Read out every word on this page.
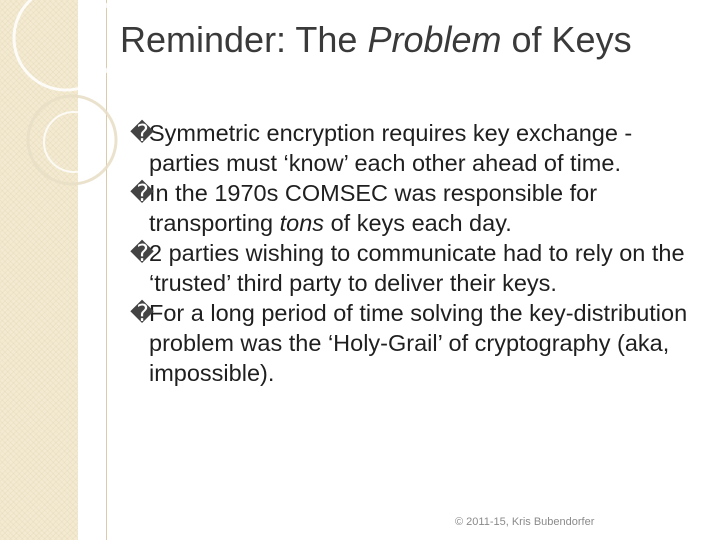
Reminder: The Problem of Keys
�
Symmetric encryption requires key exchange - parties must ‘know’ each other ahead of time.
�
In the 1970s COMSEC was responsible for transporting tons of keys each day.
�
2 parties wishing to communicate had to rely on the ‘trusted’ third party to deliver their keys.
�
For a long period of time solving the key-distribution problem was the ‘Holy-Grail’ of cryptography (aka, impossible).
© 2011-15, Kris Bubendorfer
